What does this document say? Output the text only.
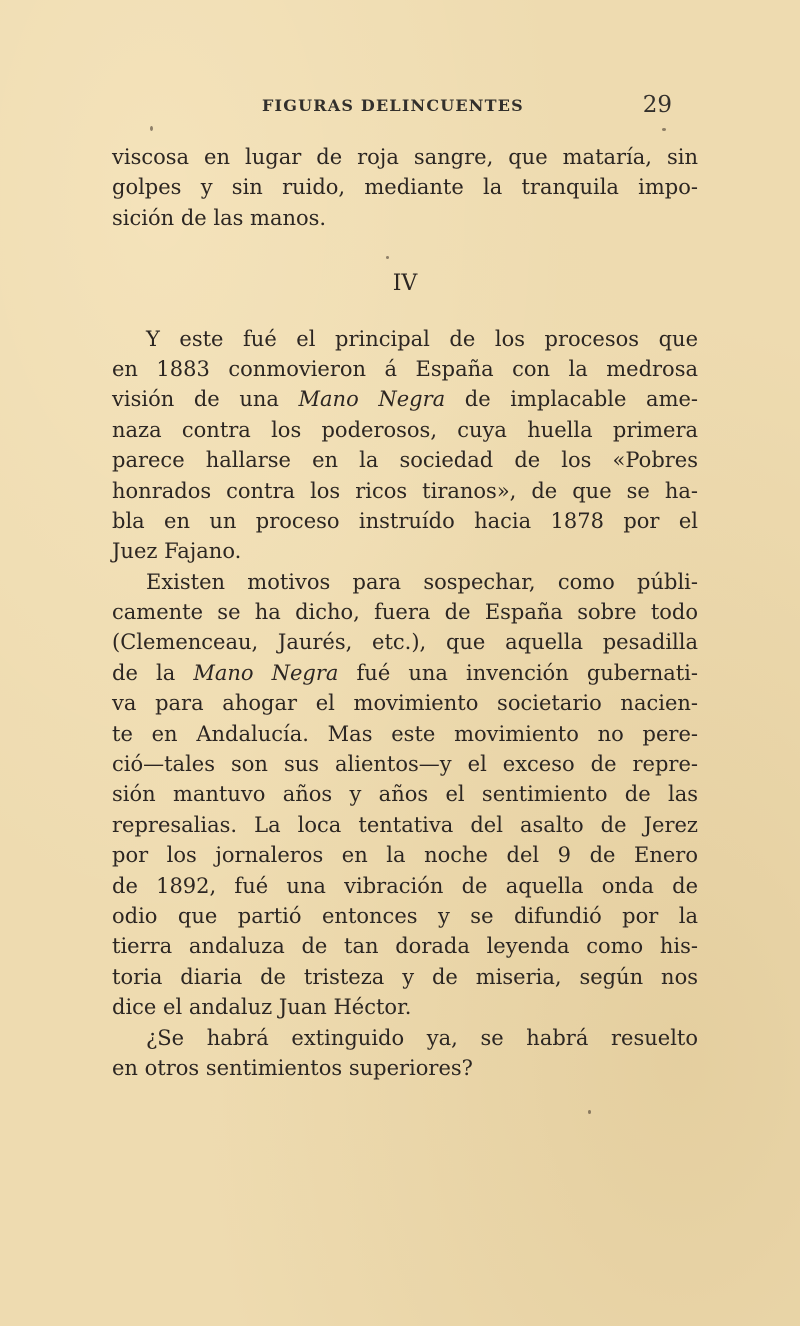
FIGURAS DELINCUENTES	29
viscosa en lugar de roja sangre, que mataría, sin
golpes y sin ruido, mediante la tranquila impo-
sición de las manos.
IV
Y este fué el principal de los procesos que
en 1883 conmovieron á España con la medrosa
visión de una Mano Negra de implacable ame-
naza contra los poderosos, cuya huella primera
parece hallarse en la sociedad de los «Pobres
honrados contra los ricos tiranos», de que se ha-
bla en un proceso instruído hacia 1878 por el
Juez Fajano.
Existen motivos para sospechar, como públi-
camente se ha dicho, fuera de España sobre todo
(Clemenceau, Jaurés, etc.), que aquella pesadilla
de la Mano Negra fué una invención gubernati-
va para ahogar el movimiento societario nacien-
te en Andalucía. Mas este movimiento no pere-
ció—tales son sus alientos—y el exceso de repre-
sión mantuvo años y años el sentimiento de las
represalias. La loca tentativa del asalto de Jerez
por los jornaleros en la noche del 9 de Enero
de 1892, fué una vibración de aquella onda de
odio que partió entonces y se difundió por la
tierra andaluza de tan dorada leyenda como his-
toria diaria de tristeza y de miseria, según nos
dice el andaluz Juan Héctor.
¿Se habrá extinguido ya, se habrá resuelto
en otros sentimientos superiores?
